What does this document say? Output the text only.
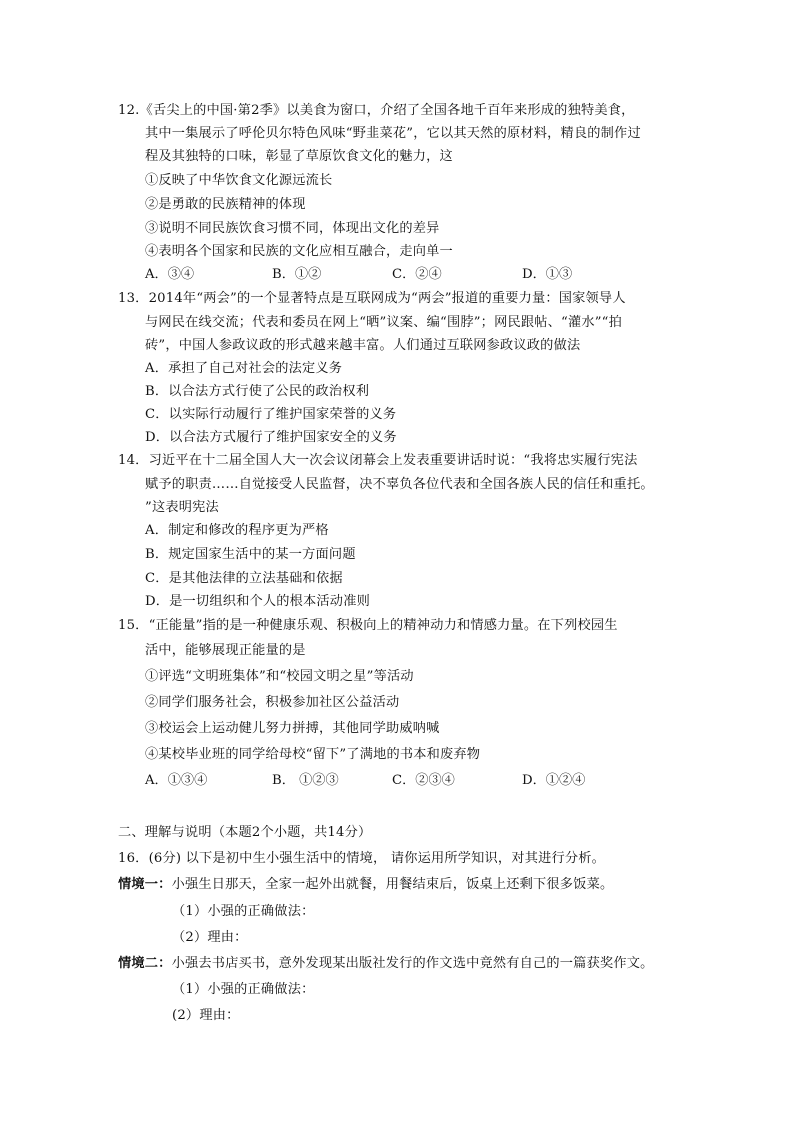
12.《舌尖上的中国·第2季》以美食为窗口，介绍了全国各地千百年来形成的独特美食，
其中一集展示了呼伦贝尔特色风味“野韭菜花”，它以其天然的原材料，精良的制作过
程及其独特的口味，彰显了草原饮食文化的魅力，这
①反映了中华饮食文化源远流长
②是勇敢的民族精神的体现
③说明不同民族饮食习惯不同，体现出文化的差异
④表明各个国家和民族的文化应相互融合，走向单一
A．③④	B．①②	C．②④	D．①③
13．2014年“两会”的一个显著特点是互联网成为“两会”报道的重要力量：国家领导人
与网民在线交流；代表和委员在网上“晒”议案、编“围脖”；网民跟帖、“灌水”“拍
砖”，中国人参政议政的形式越来越丰富。人们通过互联网参政议政的做法
A．承担了自己对社会的法定义务
B．以合法方式行使了公民的政治权利
C．以实际行动履行了维护国家荣誉的义务
D．以合法方式履行了维护国家安全的义务
14．习近平在十二届全国人大一次会议闭幕会上发表重要讲话时说：“我将忠实履行宪法
赋予的职责……自觉接受人民监督，决不辜负各位代表和全国各族人民的信任和重托。
”这表明宪法
A．制定和修改的程序更为严格
B．规定国家生活中的某一方面问题
C．是其他法律的立法基础和依据
D．是一切组织和个人的根本活动准则
15．“正能量”指的是一种健康乐观、积极向上的精神动力和情感力量。在下列校园生
活中，能够展现正能量的是
①评选“文明班集体”和“校园文明之星”等活动
②同学们服务社会，积极参加社区公益活动
③校运会上运动健儿努力拼搏，其他同学助威呐喊
④某校毕业班的同学给母校“留下”了满地的书本和废弃物
A．①③④	B． ①②③	C．②③④	D．①②④
二、理解与说明（本题2个小题，共14分）
16．(6分) 以下是初中生小强生活中的情境， 请你运用所学知识，对其进行分析。
情境一：小强生日那天，全家一起外出就餐，用餐结束后，饭桌上还剩下很多饭菜。
（1）小强的正确做法：
（2）理由：
情境二：小强去书店买书，意外发现某出版社发行的作文选中竟然有自己的一篇获奖作文。
（1）小强的正确做法：
(2）理由：
